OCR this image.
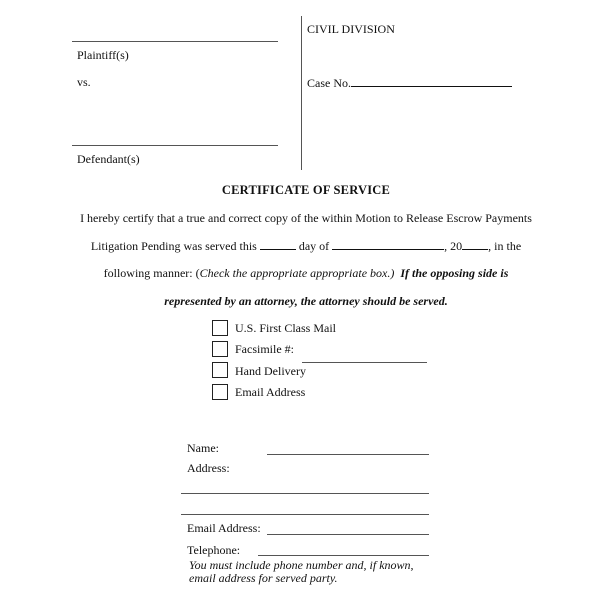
Plaintiff(s)
vs.
Defendant(s)
CIVIL DIVISION
Case No.
CERTIFICATE OF SERVICE
I hereby certify that a true and correct copy of the within Motion to Release Escrow Payments
Litigation Pending was served this	day of	, 20 , in the
following manner: (Check the appropriate appropriate box.) If the opposing side is
represented by an attorney, the attorney should be served.
U.S. First Class Mail
Facsimile #:
Hand Delivery
Email Address
Name:
Address:
Email Address:
Telephone:
You must include phone number and, if known,
email address for served party.
